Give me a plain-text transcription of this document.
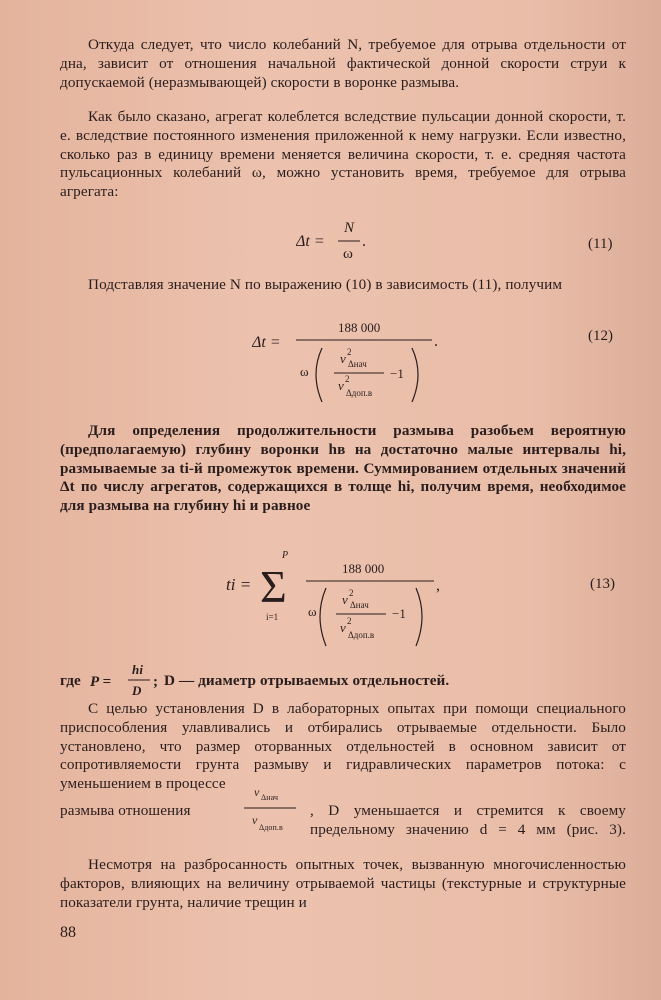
Откуда следует, что число колебаний N, требуемое для отрыва отдельности от дна, зависит от отношения начальной фактической донной скорости струи к допускаемой (неразмывающей) скорости в воронке размыва.

Как было сказано, агрегат колеблется вследствие пульсации донной скорости, т. е. вследствие постоянного изменения приложенной к нему нагрузки. Если известно, сколько раз в единицу времени меняется величина скорости, т. е. средняя частота пульсационных колебаний ω, можно установить время, требуемое для отрыва агрегата:

Δt =
N
ω
.	(11)

Подставляя значение N по выражению (10) в зависимость (11), получим

Δt =
188 000
.
ω
v 2
Δнач
v 2
Δдоп.в
−1
(12)

Для определения продолжительности размыва разобьем вероятную (предполагаемую) глубину воронки hв на достаточно малые интервалы hi, размываемые за ti-й промежуток времени. Суммированием отдельных значений Δt по числу агрегатов, содержащихся в толще hi, получим время, необходимое для размыва на глубину hi и равное

ti =
P
Σ
i=1
188 000
,
ω
v 2
Δнач
v 2
Δдоп.в
−1
(13)
где P =
hi
D
; D — диаметр отрываемых отдельностей.

С целью установления D в лабораторных опытах при помощи специального приспособления улавливались и отбирались отрываемые отдельности. Было установлено, что размер оторванных отдельностей в основном зависит от сопротивляемости грунта размыву и гидравлических параметров потока: с уменьшением в процессе

размыва отношения
v Δнач
v
Δдоп.в
, D уменьшается и стремится к своему предельному значению d = 4 мм (рис. 3).

Несмотря на разбросанность опытных точек, вызванную многочисленностью факторов, влияющих на величину отрываемой частицы (текстурные и структурные показатели грунта, наличие трещин и

88
